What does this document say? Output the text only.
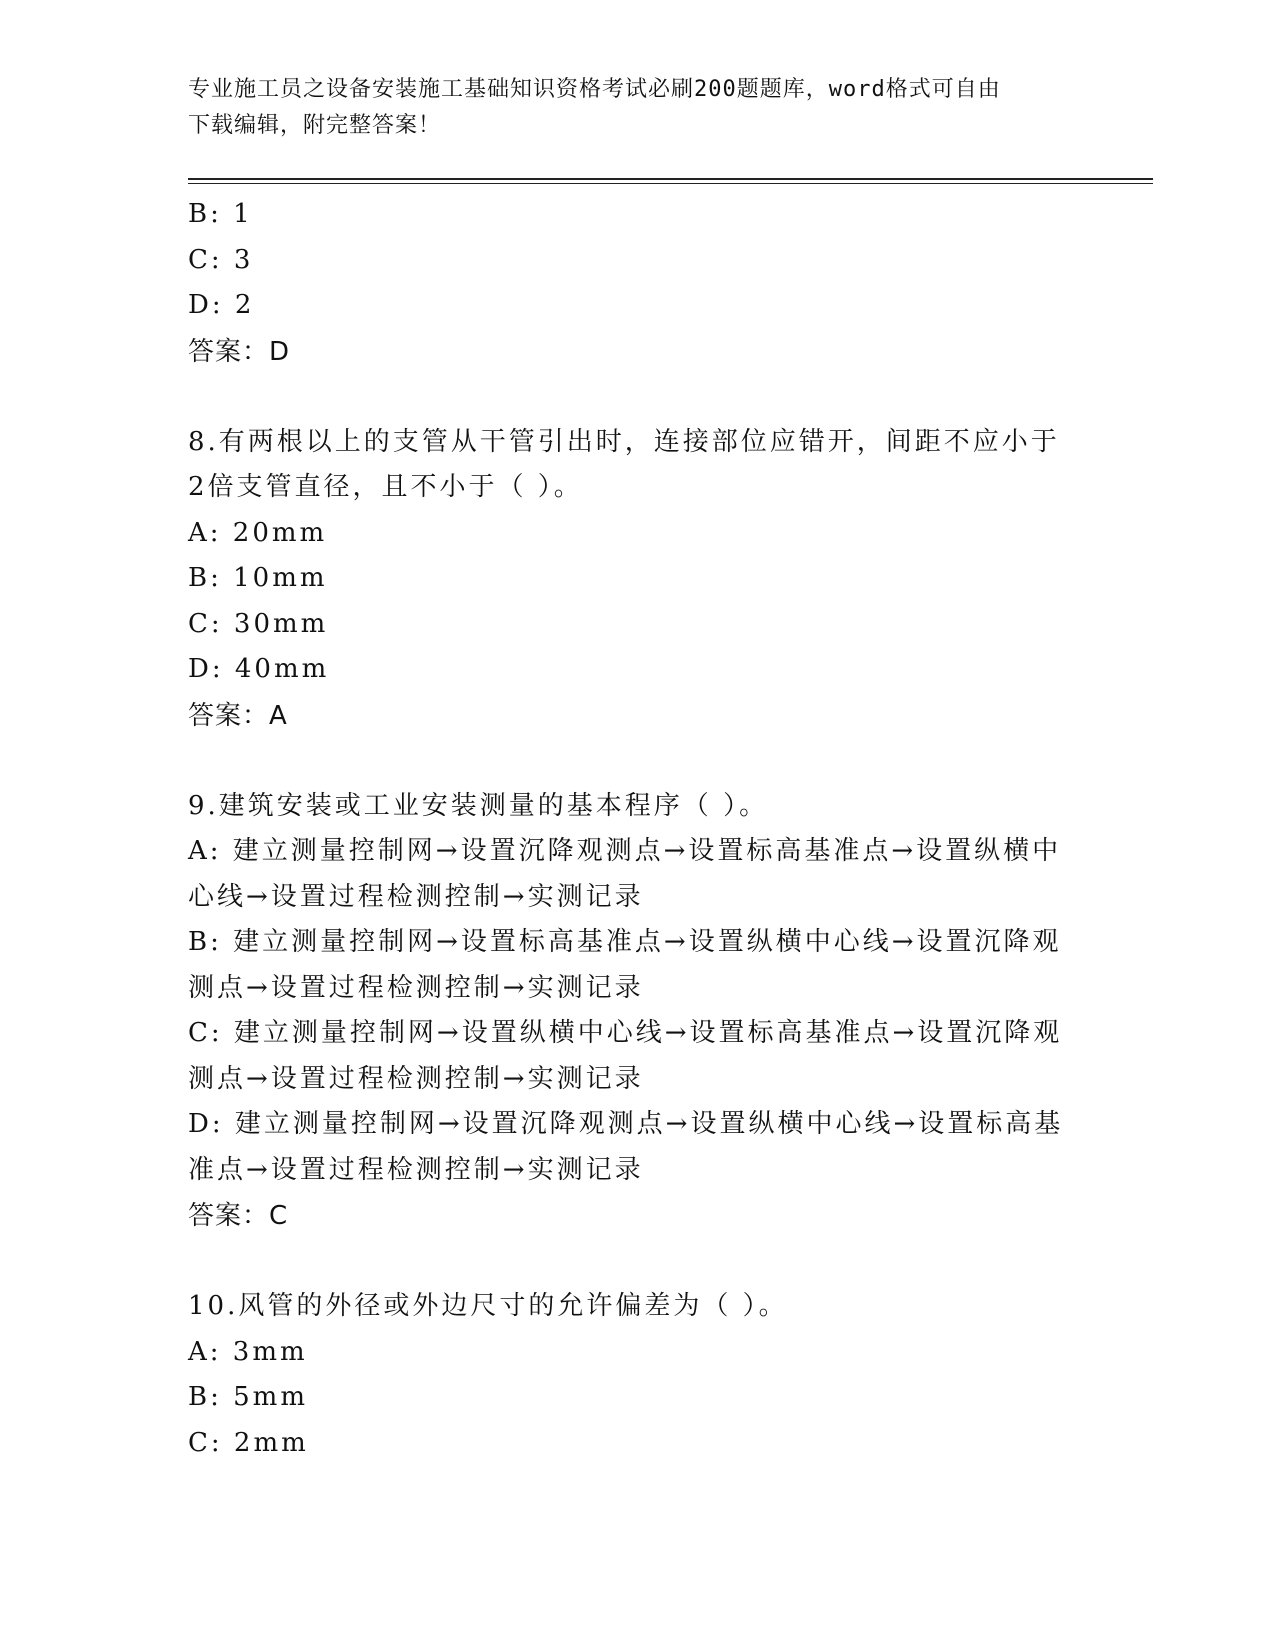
专业施工员之设备安装施工基础知识资格考试必刷200题题库，word格式可自由
下载编辑，附完整答案！
B: 1
C: 3
D: 2
答案：D
8.有两根以上的支管从干管引出时，连接部位应错开，间距不应小于
2倍支管直径，且不小于（ ）。
A: 20mm
B: 10mm
C: 30mm
D: 40mm
答案：A
9.建筑安装或工业安装测量的基本程序（ ）。
A: 建立测量控制网→设置沉降观测点→设置标高基准点→设置纵横中
心线→设置过程检测控制→实测记录
B: 建立测量控制网→设置标高基准点→设置纵横中心线→设置沉降观
测点→设置过程检测控制→实测记录
C: 建立测量控制网→设置纵横中心线→设置标高基准点→设置沉降观
测点→设置过程检测控制→实测记录
D: 建立测量控制网→设置沉降观测点→设置纵横中心线→设置标高基
准点→设置过程检测控制→实测记录
答案：C
10.风管的外径或外边尺寸的允许偏差为（ ）。
A: 3mm
B: 5mm
C: 2mm
